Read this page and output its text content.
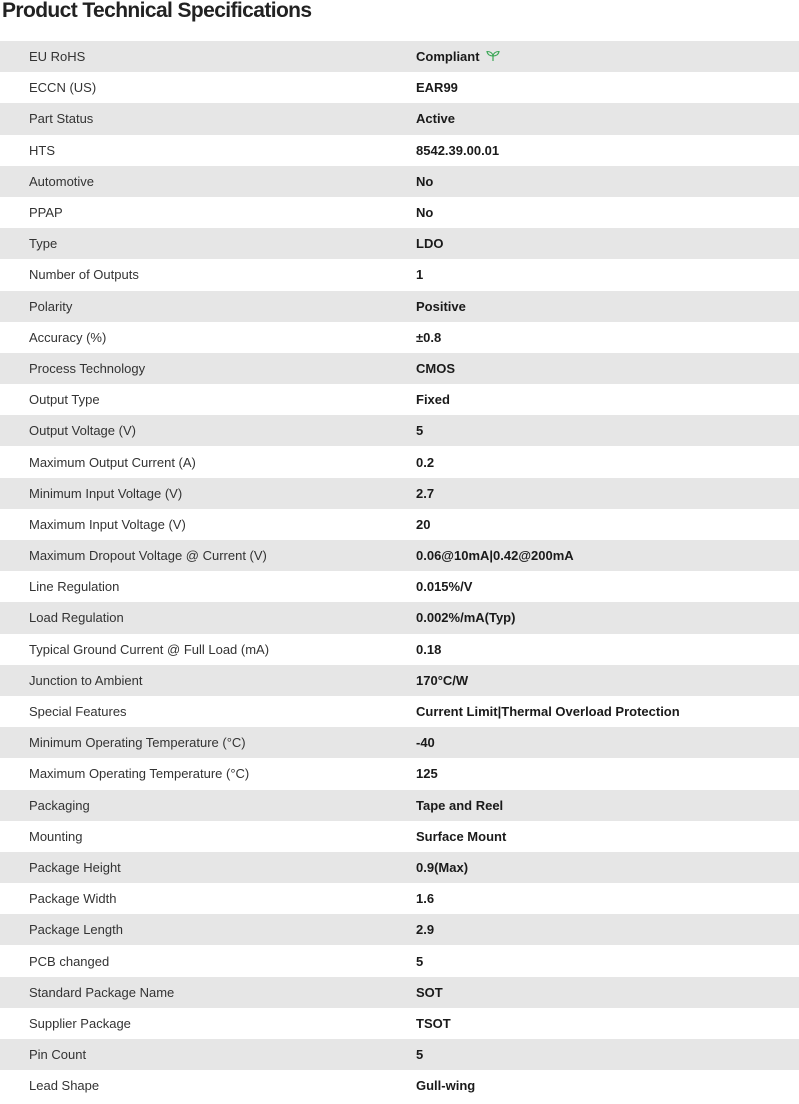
Product Technical Specifications
EU RoHS	Compliant
ECCN (US)	EAR99
Part Status	Active
HTS	8542.39.00.01
Automotive	No
PPAP	No
Type	LDO
Number of Outputs	1
Polarity	Positive
Accuracy (%)	±0.8
Process Technology	CMOS
Output Type	Fixed
Output Voltage (V)	5
Maximum Output Current (A)	0.2
Minimum Input Voltage (V)	2.7
Maximum Input Voltage (V)	20
Maximum Dropout Voltage @ Current (V)	0.06@10mA|0.42@200mA
Line Regulation	0.015%/V
Load Regulation	0.002%/mA(Typ)
Typical Ground Current @ Full Load (mA)	0.18
Junction to Ambient	170°C/W
Special Features	Current Limit|Thermal Overload Protection
Minimum Operating Temperature (°C)	-40
Maximum Operating Temperature (°C)	125
Packaging	Tape and Reel
Mounting	Surface Mount
Package Height	0.9(Max)
Package Width	1.6
Package Length	2.9
PCB changed	5
Standard Package Name	SOT
Supplier Package	TSOT
Pin Count	5
Lead Shape	Gull-wing
